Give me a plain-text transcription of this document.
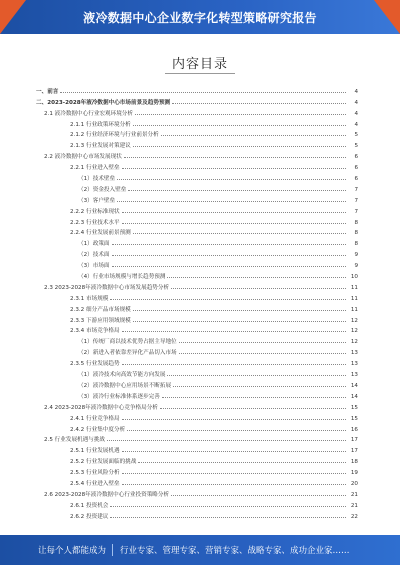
液冷数据中心企业数字化转型策略研究报告
内容目录
一、前言	4
二、2023-2028年液冷数据中心市场前景及趋势预测	4
2.1 液冷数据中心行业宏观环境分析	4
2.1.1 行业政策环境分析	4
2.1.2 行业经济环境与行业前景分析	5
2.1.3 行业发展对策建议	5
2.2 液冷数据中心市场发展现状	6
2.2.1 行业进入壁垒	6
（1）技术壁垒	6
（2）资金投入壁垒	7
（3）客户壁垒	7
2.2.2 行业标准现状	7
2.2.3 行业技术水平	8
2.2.4 行业发展前景预测	8
（1）政策面	8
（2）技术面	9
（3）市场面	9
（4）行业市场规模与增长趋势预测	10
2.3 2023-2028年液冷数据中心市场发展趋势分析	11
2.3.1 市场规模	11
2.3.2 细分产品市场规模	11
2.3.3 下游应用领域规模	12
2.3.4 市场竞争格局	12
（1）传统厂商以技术优势占据主导地位	12
（2）新进入者依靠差异化产品切入市场	13
2.3.5 行业发展趋势	13
（1）液冷技术向高效节能方向发展	13
（2）液冷数据中心应用场景不断拓展	14
（3）液冷行业标准体系逐步完善	14
2.4 2023-2028年液冷数据中心竞争格局分析	15
2.4.1 行业竞争格局	15
2.4.2 行业集中度分析	16
2.5 行业发展机遇与挑战	17
2.5.1 行业发展机遇	17
2.5.2 行业发展面临的挑战	18
2.5.3 行业风险分析	19
2.5.4 行业进入壁垒	20
2.6 2023-2028年液冷数据中心行业投资策略分析	21
2.6.1 投资机会	21
2.6.2 投资建议	22
让每个人都能成为 行业专家、管理专家、营销专家、战略专家、成功企业家……
